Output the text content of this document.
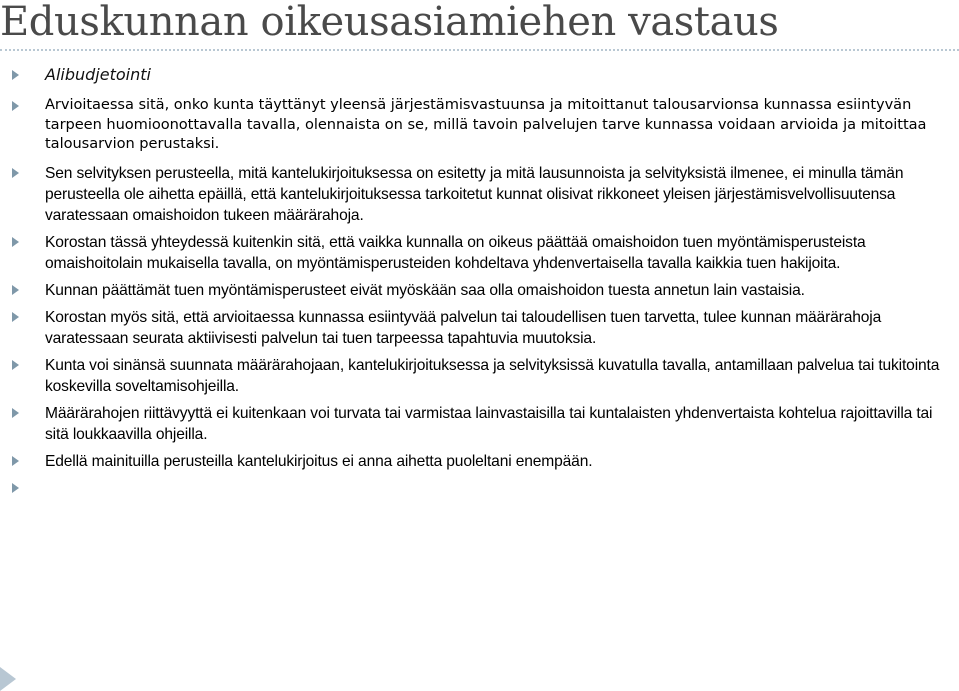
Eduskunnan oikeusasiamiehen vastaus
Alibudjetointi
Arvioitaessa sitä, onko kunta täyttänyt yleensä järjestämisvastuunsa ja mitoittanut talousarvionsa kunnassa esiintyvän tarpeen huomioonottavalla tavalla, olennaista on se, millä tavoin palvelujen tarve kunnassa voidaan arvioida ja mitoittaa talousarvion perustaksi.
Sen selvityksen perusteella, mitä kantelukirjoituksessa on esitetty ja mitä lausunnoista ja selvityksistä ilmenee, ei minulla tämän perusteella ole aihetta epäillä, että kantelukirjoituksessa tarkoitetut kunnat olisivat rikkoneet yleisen järjestämisvelvollisuutensa varatessaan omaishoidon tukeen määrärahoja.
Korostan tässä yhteydessä kuitenkin sitä, että vaikka kunnalla on oikeus päättää omaishoidon tuen myöntämisperusteista omaishoitolain mukaisella tavalla, on myöntämisperusteiden kohdeltava yhdenvertaisella tavalla kaikkia tuen hakijoita.
Kunnan päättämät tuen myöntämisperusteet eivät myöskään saa olla omaishoidon tuesta annetun lain vastaisia.
Korostan myös sitä, että arvioitaessa kunnassa esiintyvää palvelun tai taloudellisen tuen tarvetta, tulee kunnan määrärahoja varatessaan seurata aktiivisesti palvelun tai tuen tarpeessa tapahtuvia muutoksia.
Kunta voi sinänsä suunnata määrärahojaan, kantelukirjoituksessa ja selvityksissä kuvatulla tavalla, antamillaan palvelua tai tukitointa koskevilla soveltamisohjeilla.
Määrärahojen riittävyyttä ei kuitenkaan voi turvata tai varmistaa lainvastaisilla tai kuntalaisten yhdenvertaista kohtelua rajoittavilla tai sitä loukkaavilla ohjeilla.
Edellä mainituilla perusteilla kantelukirjoitus ei anna aihetta puoleltani enempään.
